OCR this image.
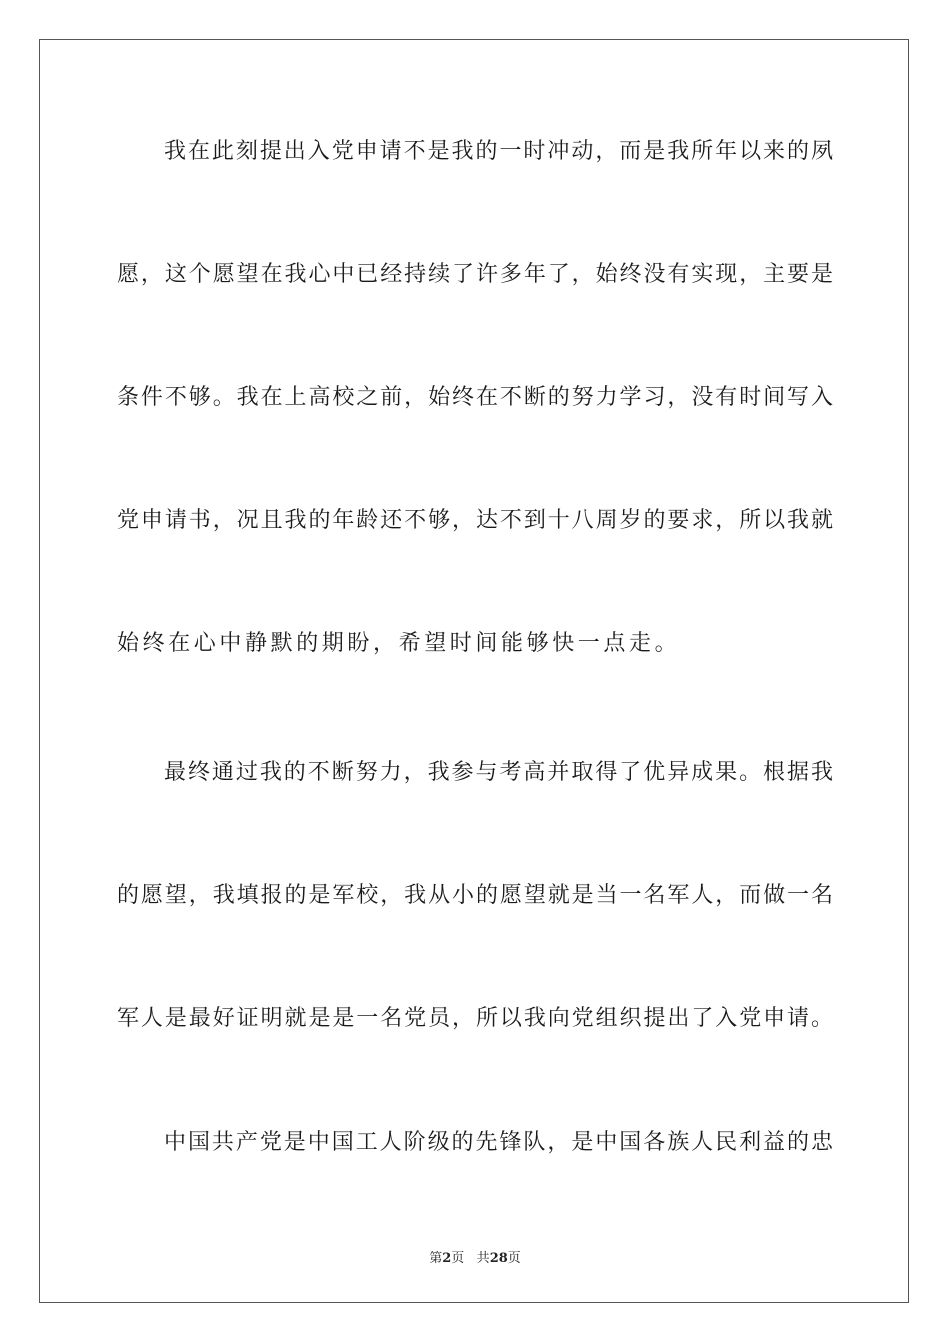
我在此刻提出入党申请不是我的一时冲动，而是我所年以来的夙
愿，这个愿望在我心中已经持续了许多年了，始终没有实现，主要是
条件不够。我在上高校之前，始终在不断的努力学习，没有时间写入
党申请书，况且我的年龄还不够，达不到十八周岁的要求，所以我就
始终在心中静默的期盼，希望时间能够快一点走。
最终通过我的不断努力，我参与考高并取得了优异成果。根据我
的愿望，我填报的是军校，我从小的愿望就是当一名军人，而做一名
军人是最好证明就是是一名党员，所以我向党组织提出了入党申请。
中国共产党是中国工人阶级的先锋队，是中国各族人民利益的忠
第2页 共28页
